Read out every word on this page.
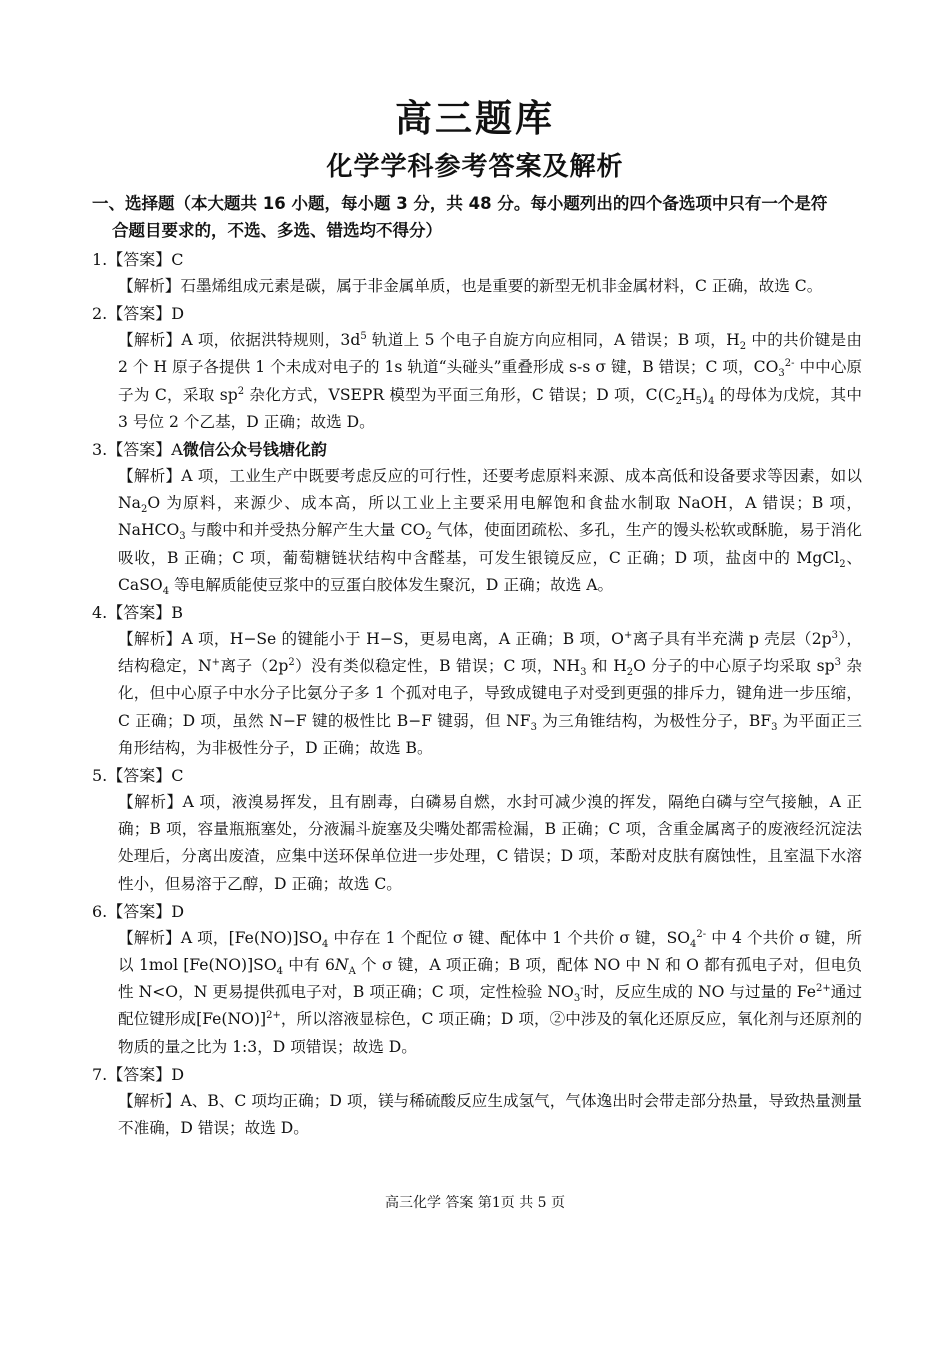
高三题库
化学学科参考答案及解析
一、选择题（本大题共 16 小题，每小题 3 分，共 48 分。每小题列出的四个备选项中只有一个是符
合题目要求的，不选、多选、错选均不得分）
1.【答案】C

【解析】石墨烯组成元素是碳，属于非金属单质，也是重要的新型无机非金属材料，C 正确，故选 C。

2.【答案】D

【解析】A 项，依据洪特规则，$3d^5$ 轨道上 5 个电子自旋方向应相同，A 错误；B 项，$H_2$ 中的共价键是由 2 个 H 原子各提供 1 个未成对电子的 1s 轨道“头碰头”重叠形成 s-s σ 键，B 错误；C 项，$CO_3^{2-}$ 中中心原子为 C，采取 $sp^2$ 杂化方式，VSEPR 模型为平面三角形，C 错误；D 项，$C(C_2H_5)_4$ 的母体为戊烷，其中 3 号位 2 个乙基，D 正确；故选 D。

3.【答案】A微信公众号钱塘化韵

【解析】A 项，工业生产中既要考虑反应的可行性，还要考虑原料来源、成本高低和设备要求等因素，如以 $Na_2O$ 为原料，来源少、成本高，所以工业上主要采用电解饱和食盐水制取 NaOH，A 错误；B 项，NaHCO$_3$ 与酸中和并受热分解产生大量 $CO_2$ 气体，使面团疏松、多孔，生产的馒头松软或酥脆，易于消化吸收，B 正确；C 项，葡萄糖链状结构中含醛基，可发生银镜反应，C 正确；D 项，盐卤中的 MgCl$_2$、CaSO$_4$ 等电解质能使豆浆中的豆蛋白胶体发生聚沉，D 正确；故选 A。

4.【答案】B

【解析】A 项，H−Se 的键能小于 H−S，更易电离，A 正确；B 项，O+离子具有半充满 p 壳层$(2p^3)$，结构稳定，N+离子$(2p^2)$没有类似稳定性，B 错误；C 项，$NH_3$ 和 $H_2O$ 分子的中心原子均采取 $sp^3$ 杂化，但中心原子中水分子比氨分子多 1 个孤对电子，导致成键电子对受到更强的排斥力，键角进一步压缩，C 正确；D 项，虽然 N−F 键的极性比 B−F 键弱，但 $NF_3$ 为三角锥结构，为极性分子，$BF_3$ 为平面正三角形结构，为非极性分子，D 正确；故选 B。

5.【答案】C

【解析】A 项，液溴易挥发，且有剧毒，白磷易自燃，水封可减少溴的挥发，隔绝白磷与空气接触，A 正确；B 项，容量瓶瓶塞处，分液漏斗旋塞及尖嘴处都需检漏，B 正确；C 项，含重金属离子的废液经沉淀法处理后，分离出废渣，应集中送环保单位进一步处理，C 错误；D 项，苯酚对皮肤有腐蚀性，且室温下水溶性小，但易溶于乙醇，D 正确；故选 C。

6.【答案】D

【解析】A 项，$[Fe(NO)]SO_4$ 中存在 1 个配位 σ 键、配体中 1 个共价 σ 键，$SO_4^{2-}$ 中 4 个共价 σ 键，所以 1mol $[Fe(NO)]SO_4$ 中有 $6N_A$ 个 σ 键，A 项正确；B 项，配体 NO 中 N 和 O 都有孤电子对，但电负性 N<O，N 更易提供孤电子对，B 项正确；C 项，定性检验 $NO_3^-$时，反应生成的 NO 与过量的 $Fe^{2+}$通过配位键形成$[Fe(NO)]^{2+}$，所以溶液显棕色，C 项正确；D 项，②中涉及的氧化还原反应，氧化剂与还原剂的物质的量之比为 1:3，D 项错误；故选 D。

7.【答案】D

【解析】A、B、C 项均正确；D 项，镁与稀硫酸反应生成氢气，气体逸出时会带走部分热量，导致热量测量不准确，D 错误；故选 D。

高三化学 答案 第1页 共 5 页
